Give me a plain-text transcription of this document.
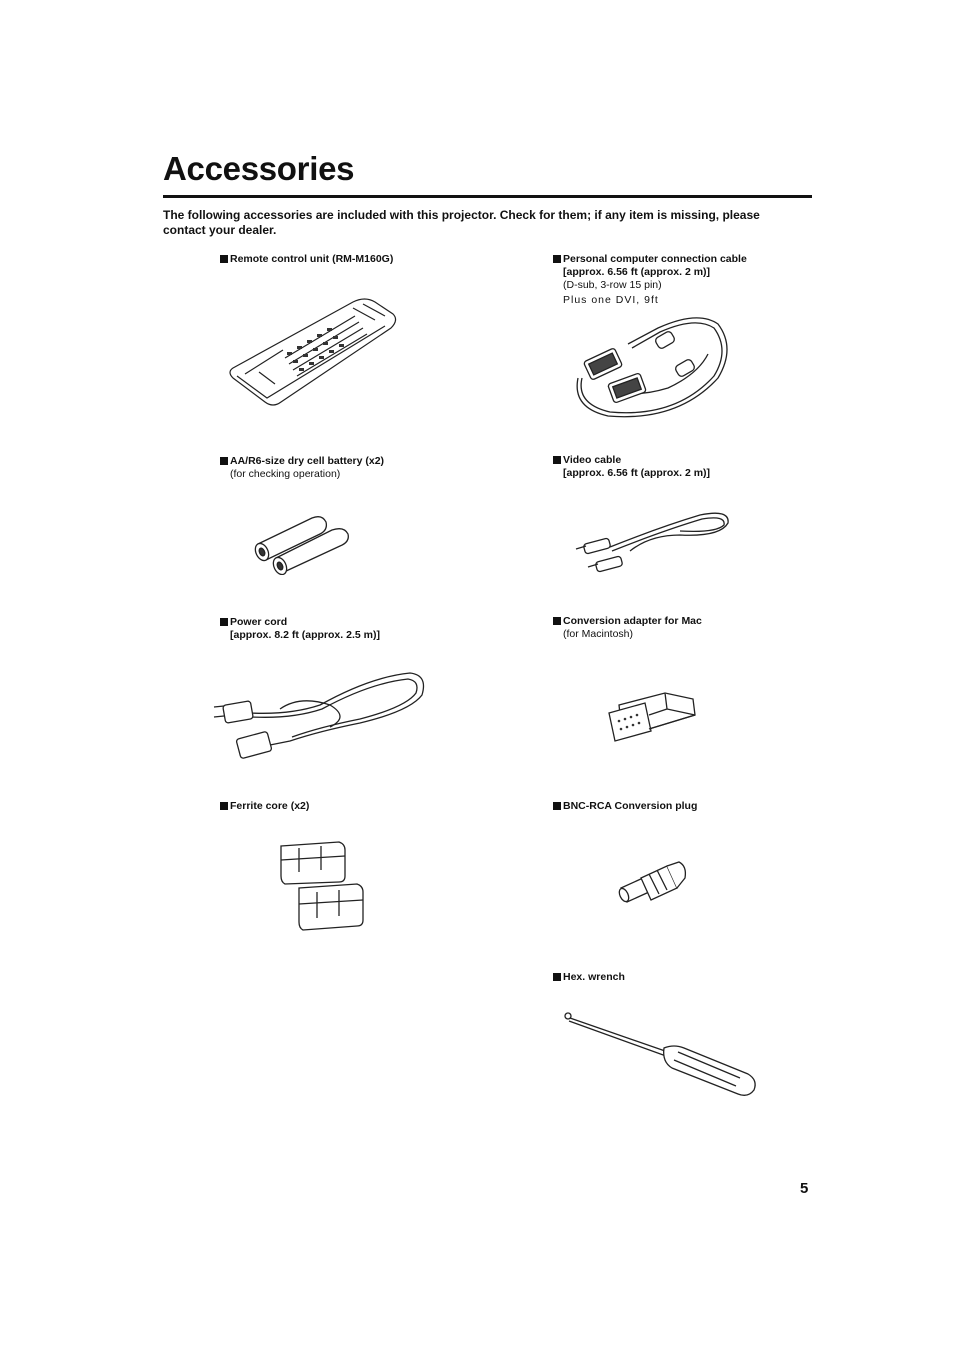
Accessories

The following accessories are included with this projector. Check for them; if any item is missing, please contact your dealer.

Remote control unit (RM-M160G)	Personal computer connection cable
[approx. 6.56 ft (approx. 2 m)]
(D-sub, 3-row 15 pin)
Plus one DVI, 9ft
AA/R6-size dry cell battery (x2)
(for checking operation)
Video cable
[approx. 6.56 ft (approx. 2 m)]
Power cord
[approx. 8.2 ft (approx. 2.5 m)]
Conversion adapter for Mac
(for Macintosh)
Ferrite core (x2)	BNC-RCA Conversion plug
Hex. wrench
5
